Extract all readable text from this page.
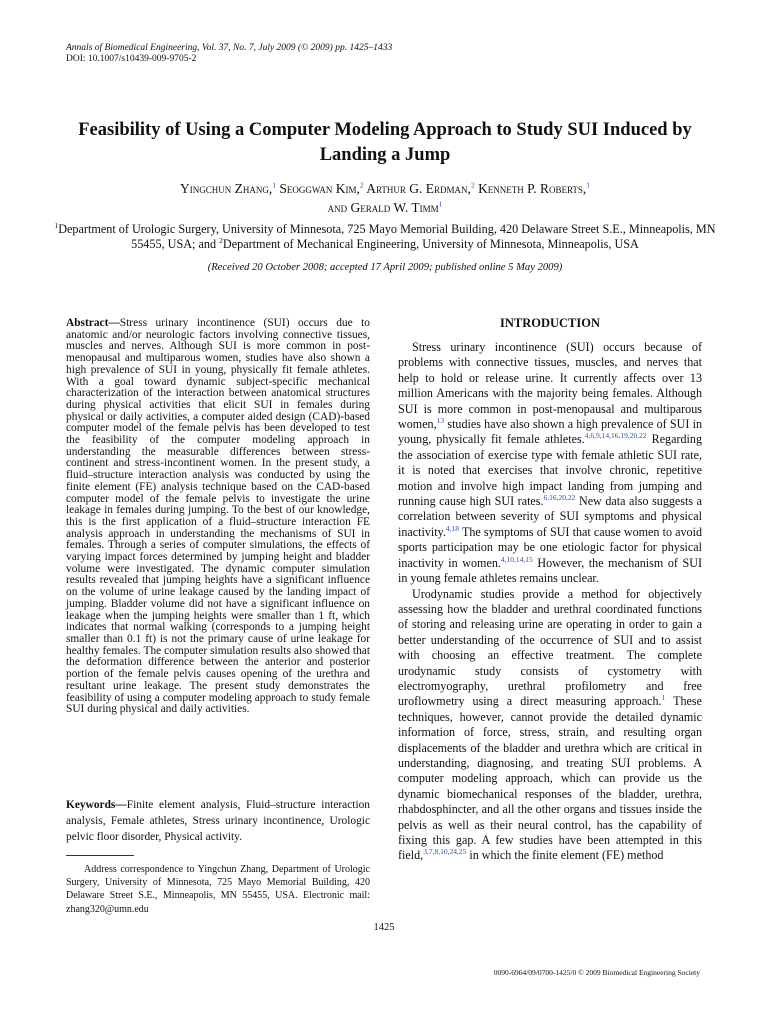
Annals of Biomedical Engineering, Vol. 37, No. 7, July 2009 (© 2009) pp. 1425–1433
DOI: 10.1007/s10439-009-9705-2
Feasibility of Using a Computer Modeling Approach to Study SUI Induced by Landing a Jump
Yingchun Zhang,$^1$ Seoggwan Kim,$^2$ Arthur G. Erdman,$^2$ Kenneth P. Roberts,$^1$
and Gerald W. Timm$^1$
$^1$Department of Urologic Surgery, University of Minnesota, 725 Mayo Memorial Building, 420 Delaware Street S.E., Minneapolis, MN 55455, USA; and $^2$Department of Mechanical Engineering, University of Minnesota, Minneapolis, USA
(Received 20 October 2008; accepted 17 April 2009; published online 5 May 2009)
Abstract—Stress urinary incontinence (SUI) occurs due to anatomic and/or neurologic factors involving connective tissues, muscles and nerves. Although SUI is more common in post-menopausal and multiparous women, studies have also shown a high prevalence of SUI in young, physically fit female athletes. With a goal toward dynamic subject-specific mechanical characterization of the interaction between anatomical structures during physical activities that elicit SUI in females during physical or daily activities, a computer aided design (CAD)-based computer model of the female pelvis has been developed to test the feasibility of the computer modeling approach in understanding the measurable differences between stress-continent and stress-incontinent women. In the present study, a fluid–structure interaction analysis was conducted by using the finite element (FE) analysis technique based on the CAD-based computer model of the female pelvis to investigate the urine leakage in females during jumping. To the best of our knowledge, this is the first application of a fluid–structure interaction FE analysis approach in understanding the mechanisms of SUI in females. Through a series of computer simulations, the effects of varying impact forces determined by jumping height and bladder volume were investigated. The dynamic computer simulation results revealed that jumping heights have a significant influence on the volume of urine leakage caused by the landing impact of jumping. Bladder volume did not have a significant influence on leakage when the jumping heights were smaller than 1 ft, which indicates that normal walking (corresponds to a jumping height smaller than 0.1 ft) is not the primary cause of urine leakage for healthy females. The computer simulation results also showed that the deformation difference between the anterior and posterior portion of the female pelvis causes opening of the urethra and resultant urine leakage. The present study demonstrates the feasibility of using a computer modeling approach to study female SUI during physical and daily activities.
Keywords—Finite element analysis, Fluid–structure interaction analysis, Female athletes, Stress urinary incontinence, Urologic pelvic floor disorder, Physical activity.
Address correspondence to Yingchun Zhang, Department of Urologic Surgery, University of Minnesota, 725 Mayo Memorial Building, 420 Delaware Street S.E., Minneapolis, MN 55455, USA. Electronic mail: zhang320@umn.edu
INTRODUCTION

Stress urinary incontinence (SUI) occurs because of problems with connective tissues, muscles, and nerves that help to hold or release urine. It currently affects over 13 million Americans with the majority being females. Although SUI is more common in post-menopausal and multiparous women,$^{13}$ studies have also shown a high prevalence of SUI in young, physically fit female athletes.$^{4,6,9,14,16,19,20,22}$ Regarding the association of exercise type with female athletic SUI rate, it is noted that exercises that involve chronic, repetitive motion and involve high impact landing from jumping and running cause high SUI rates.$^{6,16,20,22}$ New data also suggests a correlation between severity of SUI symptoms and physical inactivity.$^{4,18}$ The symptoms of SUI that cause women to avoid sports participation may be one etiologic factor for physical inactivity in women.$^{4,10,14,15}$ However, the mechanism of SUI in young female athletes remains unclear.

Urodynamic studies provide a method for objectively assessing how the bladder and urethral coordinated functions of storing and releasing urine are operating in order to gain a better understanding of the occurrence of SUI and to assist with choosing an effective treatment. The complete urodynamic study consists of cystometry with electromyography, urethral profilometry and free uroflowmetry using a direct measuring approach.$^1$ These techniques, however, cannot provide the detailed dynamic information of force, stress, strain, and resulting organ displacements of the bladder and urethra which are critical in understanding, diagnosing, and treating SUI problems. A computer modeling approach, which can provide us the dynamic biomechanical responses of the bladder, urethra, rhabdosphincter, and all the other organs and tissues inside the pelvis as well as their neural control, has the capability of fixing this gap. A few studies have been attempted in this field,$^{3,7,8,10,24,25}$ in which the finite element (FE) method

1425
0090-6964/09/0700-1425/0 © 2009 Biomedical Engineering Society
